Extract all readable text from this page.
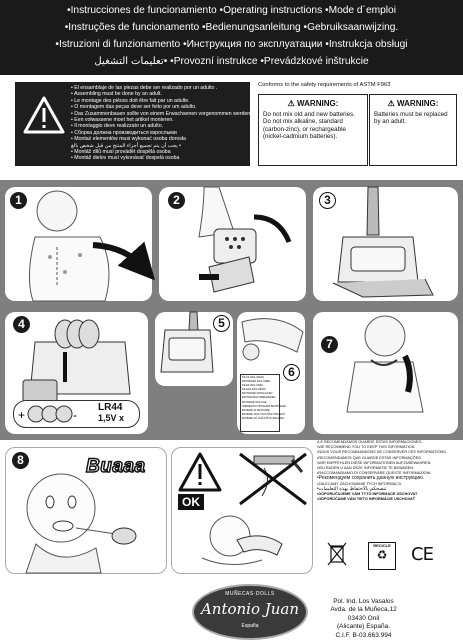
•Instrucciones de funcionamiento •Operating instructions •Mode d´emploi
•Instruções de funcionamento •Bedienungsanleitung •Gebruiksaanwijzing.
•Istruzioni di funzionamento •Инструкция по эксплуатации •Instrukcja obsługi
تعليمات التشغيل• •Provozní instrukce •Prevádzkové inštrukcie
• El ensamblaje de las piezas debe ser realizado por un adulto .
• Assembling must be done by an adult.
• Le montage des pièces doit être fait par un adulte.
• O montagem das peças deve ser feito por um adulto.
• Das Zusammenbauen sollte von einem Erwachsenen vorgenommen werden
• Een volwassene moet het artikel monteren.
• Il montaggio deve realizzato un adulto.
• Сборка должна производиться взрослыми
• Montaż elementów musi wykonać osoba dorosła
• يجب أن يتم تجميع أجزاء المنتج من قبل شخص بالغ
• Montáž dílů musí provádět dospělá osoba
• Montáž dielov musí vykonávať dospelá osoba
Conforms to the safety requirements of ASTM F963
⚠ WARNING:
Do not mix old and new batteries. Do not mix alkaline, standard (carbon-zinc), or rechargeable (nickel-cadmium batteries).
⚠ WARNING:
Batteries must be replaced by an adult.
1	2	3
4
+	-
LR44
1,5V x
5
PILAS INCLUIDAS
BATTERIES INCLUDED
PILES INCLUSES
PILHAS INCLUÍDAS
BATTERIEN ENTHALTEN
BATTERIJEN INBEGREPEN
BATTERIE INCLUSE
ЭЛЕМЕНТЫ ПИТАНИЯ ВКЛЮЧЕНЫ
BATERIE W ZESTAWIE
BATERIE JSOU SOUČÁSTÍ BALENÍ
BATÉRIE SÚ SÚČASŤOU BALENIA
6
7
8	Buaaa
OK
•LE RECOMENDAMOS GUARDE ESTAS INFORMACIONES.
•WE RECOMMEND YOU TO KEEP THIS INFORMATION.
•NOUS VOUS RECOMMANDONS DE CONSERVER CES INFORMATIONS.
•RECOMENDAMOS QUE GUARDE ESTAS INFORMAÇÕES.
•WIR EMPFEHLEN DIESE INFORMATIONEN AUFZUBEWAHREN.
•WIJ RADEN U AAN DEZE INFORMATIE TE BEWAREN.
•RACCOMANDIAMO DI CONSERVARE QUESTE INFORMAZIONI.
•Рекомендуем сохранить данную инструкцию.
•ZALECAMY ZACHOWANIE TYCH INFORMACJI.
•ننصحكم بالاحتفاظ بهذه التعليمات
•DOPORUČUJEME VÁM TYTO INFORMACE USCHOVAT
•ODPORÚČAME VÁM TIETO INFORMÁCIE USCHOVAŤ
RECICLE
♻	CE
MUÑECAS·DOLLS
Antonio Juan
España
Pol. Ind. Los Vasalos
Avda. de la Muñeca,12
03430 Onil
(Alicante) España.
C.I.F. B-03.663.994
